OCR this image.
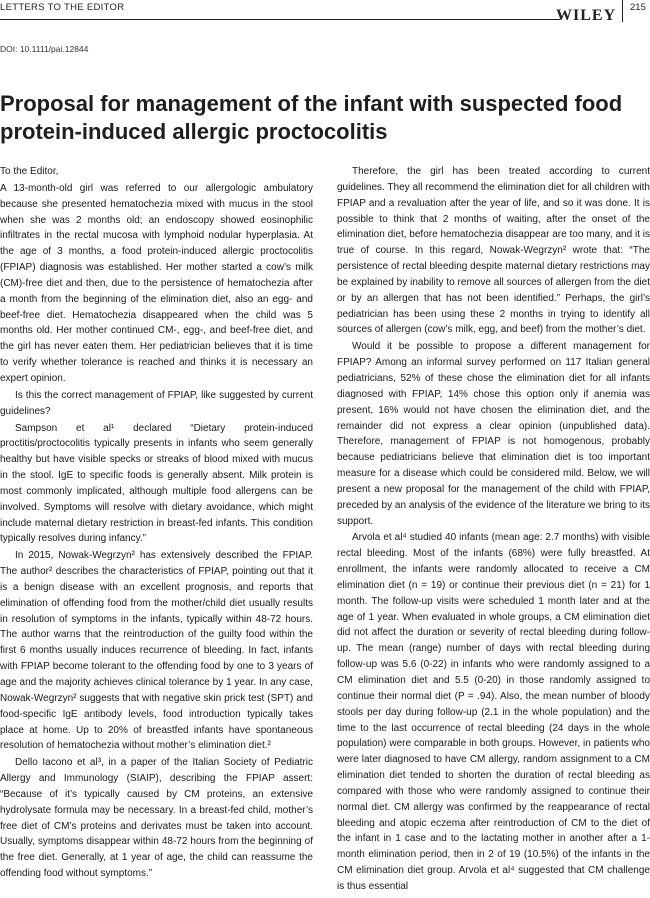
LETTERS TO THE EDITOR	WILEY 215
DOI: 10.1111/pai.12844
Proposal for management of the infant with suspected food protein-induced allergic proctocolitis

To the Editor,

A 13-month-old girl was referred to our allergologic ambulatory because she presented hematochezia mixed with mucus in the stool when she was 2 months old; an endoscopy showed eosinophilic infiltrates in the rectal mucosa with lymphoid nodular hyperplasia. At the age of 3 months, a food protein-induced allergic proctocolitis (FPIAP) diagnosis was established. Her mother started a cow’s milk (CM)-free diet and then, due to the persistence of hematochezia after a month from the beginning of the elimination diet, also an egg- and beef-free diet. Hematochezia disappeared when the child was 5 months old. Her mother continued CM-, egg-, and beef-free diet, and the girl has never eaten them. Her pediatrician believes that it is time to verify whether tolerance is reached and thinks it is necessary an expert opinion.

Is this the correct management of FPIAP, like suggested by current guidelines?

Sampson et al¹ declared “Dietary protein-induced proctitis/proctocolitis typically presents in infants who seem generally healthy but have visible specks or streaks of blood mixed with mucus in the stool. IgE to specific foods is generally absent. Milk protein is most commonly implicated, although multiple food allergens can be involved. Symptoms will resolve with dietary avoidance, which might include maternal dietary restriction in breast-fed infants. This condition typically resolves during infancy.”

In 2015, Nowak-Wegrzyn² has extensively described the FPIAP. The author² describes the characteristics of FPIAP, pointing out that it is a benign disease with an excellent prognosis, and reports that elimination of offending food from the mother/child diet usually results in resolution of symptoms in the infants, typically within 48-72 hours. The author warns that the reintroduction of the guilty food within the first 6 months usually induces recurrence of bleeding. In fact, infants with FPIAP become tolerant to the offending food by one to 3 years of age and the majority achieves clinical tolerance by 1 year. In any case, Nowak-Wegrzyn² suggests that with negative skin prick test (SPT) and food-specific IgE antibody levels, food introduction typically takes place at home. Up to 20% of breastfed infants have spontaneous resolution of hematochezia without mother’s elimination diet.²

Dello Iacono et al³, in a paper of the Italian Society of Pediatric Allergy and Immunology (SIAIP), describing the FPIAP assert: “Because of it’s typically caused by CM proteins, an extensive hydrolysate formula may be necessary. In a breast-fed child, mother’s free diet of CM’s proteins and derivates must be taken into account. Usually, symptoms disappear within 48-72 hours from the beginning of the free diet. Generally, at 1 year of age, the child can reassume the offending food without symptoms.”

Therefore, the girl has been treated according to current guidelines. They all recommend the elimination diet for all children with FPIAP and a revaluation after the year of life, and so it was done. It is possible to think that 2 months of waiting, after the onset of the elimination diet, before hematochezia disappear are too many, and it is true of course. In this regard, Nowak-Wegrzyn² wrote that: “The persistence of rectal bleeding despite maternal dietary restrictions may be explained by inability to remove all sources of allergen from the diet or by an allergen that has not been identified.” Perhaps, the girl’s pediatrician has been using these 2 months in trying to identify all sources of allergen (cow’s milk, egg, and beef) from the mother’s diet.

Would it be possible to propose a different management for FPIAP? Among an informal survey performed on 117 Italian general pediatricians, 52% of these chose the elimination diet for all infants diagnosed with FPIAP, 14% chose this option only if anemia was present, 16% would not have chosen the elimination diet, and the remainder did not express a clear opinion (unpublished data). Therefore, management of FPIAP is not homogenous, probably because pediatricians believe that elimination diet is too important measure for a disease which could be considered mild. Below, we will present a new proposal for the management of the child with FPIAP, preceded by an analysis of the evidence of the literature we bring to its support.

Arvola et al⁴ studied 40 infants (mean age: 2.7 months) with visible rectal bleeding. Most of the infants (68%) were fully breastfed. At enrollment, the infants were randomly allocated to receive a CM elimination diet (n = 19) or continue their previous diet (n = 21) for 1 month. The follow-up visits were scheduled 1 month later and at the age of 1 year. When evaluated in whole groups, a CM elimination diet did not affect the duration or severity of rectal bleeding during follow-up. The mean (range) number of days with rectal bleeding during follow-up was 5.6 (0-22) in infants who were randomly assigned to a CM elimination diet and 5.5 (0-20) in those randomly assigned to continue their normal diet (P = .94). Also, the mean number of bloody stools per day during follow-up (2.1 in the whole population) and the time to the last occurrence of rectal bleeding (24 days in the whole population) were comparable in both groups. However, in patients who were later diagnosed to have CM allergy, random assignment to a CM elimination diet tended to shorten the duration of rectal bleeding as compared with those who were randomly assigned to continue their normal diet. CM allergy was confirmed by the reappearance of rectal bleeding and atopic eczema after reintroduction of CM to the diet of the infant in 1 case and to the lactating mother in another after a 1-month elimination period, then in 2 of 19 (10.5%) of the infants in the CM elimination diet group. Arvola et al⁴ suggested that CM challenge is thus essential
